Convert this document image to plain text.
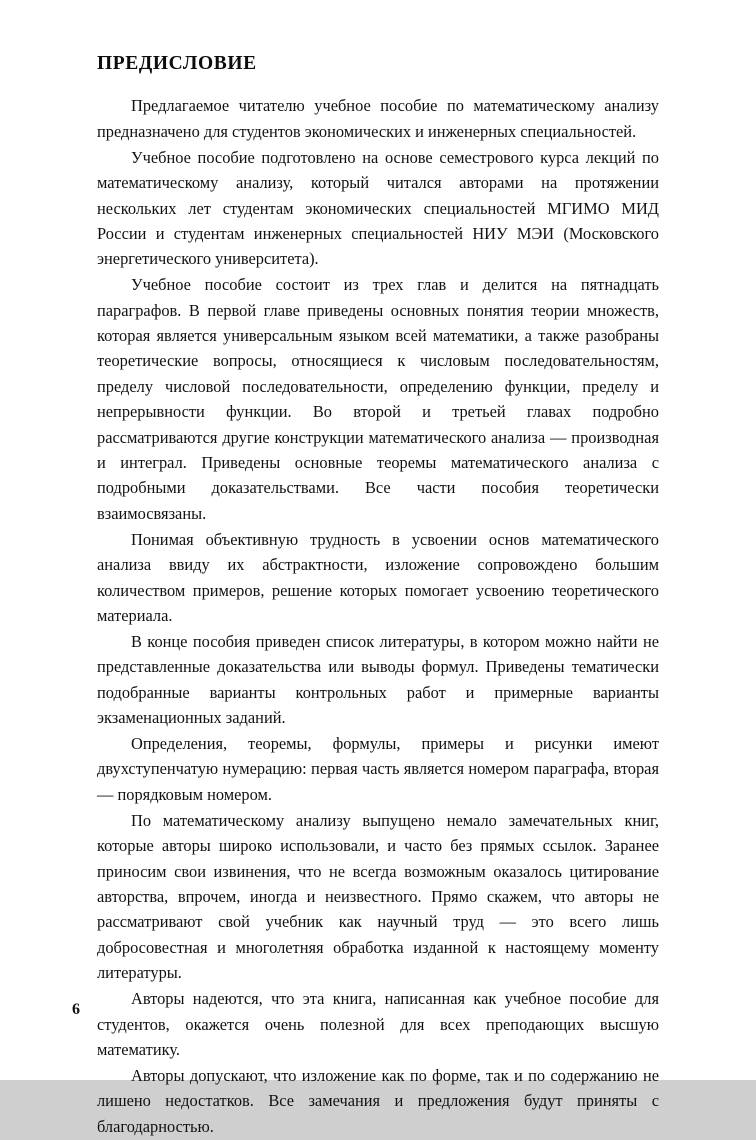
ПРЕДИСЛОВИЕ

Предлагаемое читателю учебное пособие по математическому анализу предназначено для студентов экономических и инженерных специальностей.

Учебное пособие подготовлено на основе семестрового курса лекций по математическому анализу, который читался авторами на протяжении нескольких лет студентам экономических специальностей МГИМО МИД России и студентам инженерных специальностей НИУ МЭИ (Московского энергетического университета).

Учебное пособие состоит из трех глав и делится на пятнадцать параграфов. В первой главе приведены основных понятия теории множеств, которая является универсальным языком всей математики, а также разобраны теоретические вопросы, относящиеся к числовым последовательностям, пределу числовой последовательности, определению функции, пределу и непрерывности функции. Во второй и третьей главах подробно рассматриваются другие конструкции математического анализа — производная и интеграл. Приведены основные теоремы математического анализа с подробными доказательствами. Все части пособия теоретически взаимосвязаны.

Понимая объективную трудность в усвоении основ математического анализа ввиду их абстрактности, изложение сопровождено большим количеством примеров, решение которых помогает усвоению теоретического материала.

В конце пособия приведен список литературы, в котором можно найти не представленные доказательства или выводы формул. Приведены тематически подобранные варианты контрольных работ и примерные варианты экзаменационных заданий.

Определения, теоремы, формулы, примеры и рисунки имеют двухступенчатую нумерацию: первая часть является номером параграфа, вторая — порядковым номером.

По математическому анализу выпущено немало замечательных книг, которые авторы широко использовали, и часто без прямых ссылок. Заранее приносим свои извинения, что не всегда возможным оказалось цитирование авторства, впрочем, иногда и неизвестного. Прямо скажем, что авторы не рассматривают свой учебник как научный труд — это всего лишь добросовестная и многолетняя обработка изданной к настоящему моменту литературы.

Авторы надеются, что эта книга, написанная как учебное пособие для студентов, окажется очень полезной для всех преподающих высшую математику.

Авторы допускают, что изложение как по форме, так и по содержанию не лишено недостатков. Все замечания и предложения будут приняты с благодарностью.

6
